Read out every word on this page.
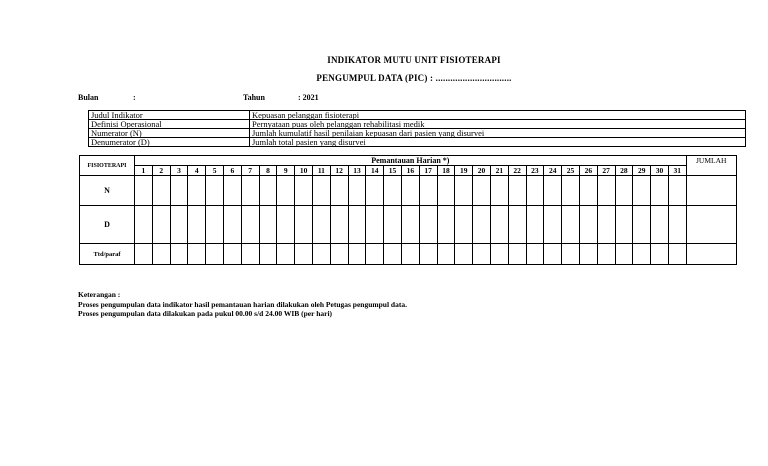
INDIKATOR MUTU UNIT FISIOTERAPI
PENGUMPUL DATA (PIC) : ...............................
Bulan	:	Tahun	: 2021
Judul Indikator	Kepuasan pelanggan fisioterapi
Definisi Operasional	Pernyataan puas oleh pelanggan rehabilitasi medik
Numerator (N)	Jumlah kumulatif hasil penilaian kepuasan dari pasien yang disurvei
Denumerator (D)	Jumlah total pasien yang disurvei
FISIOTERAPI	Pemantauan Harian *)																															JUMLAH
	1	2	3	4	5	6	7	8	9	10	11	12	13	14	15	16	17	18	19	20	21	22	23	24	25	26	27	28	29	30	31	
N																																
D																																
Ttd/paraf																																
Keterangan :
Proses pengumpulan data indikator hasil pemantauan harian dilakukan oleh Petugas pengumpul data.
Proses pengumpulan data dilakukan pada pukul 00.00 s/d 24.00 WIB (per hari)
